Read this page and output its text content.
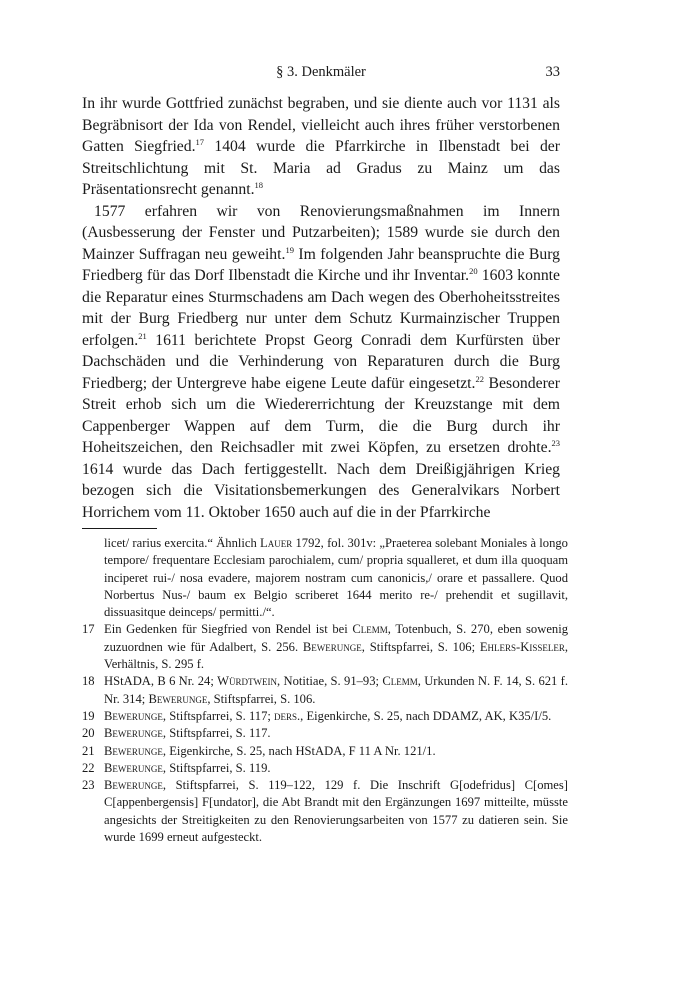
§ 3. Denkmäler	33

In ihr wurde Gottfried zunächst begraben, und sie diente auch vor 1131 als Begräbnisort der Ida von Rendel, vielleicht auch ihres früher verstorbenen Gatten Siegfried.$^{17}$ 1404 wurde die Pfarrkirche in Ilbenstadt bei der Streitschlichtung mit St. Maria ad Gradus zu Mainz um das Präsentationsrecht genannt.$^{18}$

1577 erfahren wir von Renovierungsmaßnahmen im Innern (Ausbesserung der Fenster und Putzarbeiten); 1589 wurde sie durch den Mainzer Suffragan neu geweiht.$^{19}$ Im folgenden Jahr beanspruchte die Burg Friedberg für das Dorf Ilbenstadt die Kirche und ihr Inventar.$^{20}$ 1603 konnte die Reparatur eines Sturmschadens am Dach wegen des Oberhoheitsstreites mit der Burg Friedberg nur unter dem Schutz Kurmainzischer Truppen erfolgen.$^{21}$ 1611 berichtete Propst Georg Conradi dem Kurfürsten über Dachschäden und die Verhinderung von Reparaturen durch die Burg Friedberg; der Untergreve habe eigene Leute dafür eingesetzt.$^{22}$ Besonderer Streit erhob sich um die Wiedererrichtung der Kreuzstange mit dem Cappenberger Wappen auf dem Turm, die die Burg durch ihr Hoheitszeichen, den Reichsadler mit zwei Köpfen, zu ersetzen drohte.$^{23}$ 1614 wurde das Dach fertiggestellt. Nach dem Dreißigjährigen Krieg bezogen sich die Visitationsbemerkungen des Generalvikars Norbert Horrichem vom 11. Oktober 1650 auch auf die in der Pfarrkirche

licet/ rarius exercita.“ Ähnlich Lauer 1792, fol. 301v: „Praeterea solebant Moniales à longo tempore/ frequentare Ecclesiam parochialem, cum/ propria squalleret, et dum illa quoquam inciperet rui-/ nosa evadere, majorem nostram cum canonicis,/ orare et passallere. Quod Norbertus Nus-/ baum ex Belgio scriberet 1644 merito re-/ prehendit et sugillavit, dissuasitque deinceps/ permitti./“.
17 Ein Gedenken für Siegfried von Rendel ist bei Clemm, Totenbuch, S. 270, eben sowenig zuzuordnen wie für Adalbert, S. 256. Bewerunge, Stiftspfarrei, S. 106; Ehlers-Kisseler, Verhältnis, S. 295 f.
18 HStADA, B 6 Nr. 24; Würdtwein, Notitiae, S. 91–93; Clemm, Urkunden N. F. 14, S. 621 f. Nr. 314; Bewerunge, Stiftspfarrei, S. 106.
19 Bewerunge, Stiftspfarrei, S. 117; ders., Eigenkirche, S. 25, nach DDAMZ, AK, K35/I/5.
20 Bewerunge, Stiftspfarrei, S. 117.
21 Bewerunge, Eigenkirche, S. 25, nach HStADA, F 11 A Nr. 121/1.
22 Bewerunge, Stiftspfarrei, S. 119.
23 Bewerunge, Stiftspfarrei, S. 119–122, 129 f. Die Inschrift G[odefridus] C[omes] C[appenbergensis] F[undator], die Abt Brandt mit den Ergänzungen 1697 mitteilte, müsste angesichts der Streitigkeiten zu den Renovierungsarbeiten von 1577 zu datieren sein. Sie wurde 1699 erneut aufgesteckt.
